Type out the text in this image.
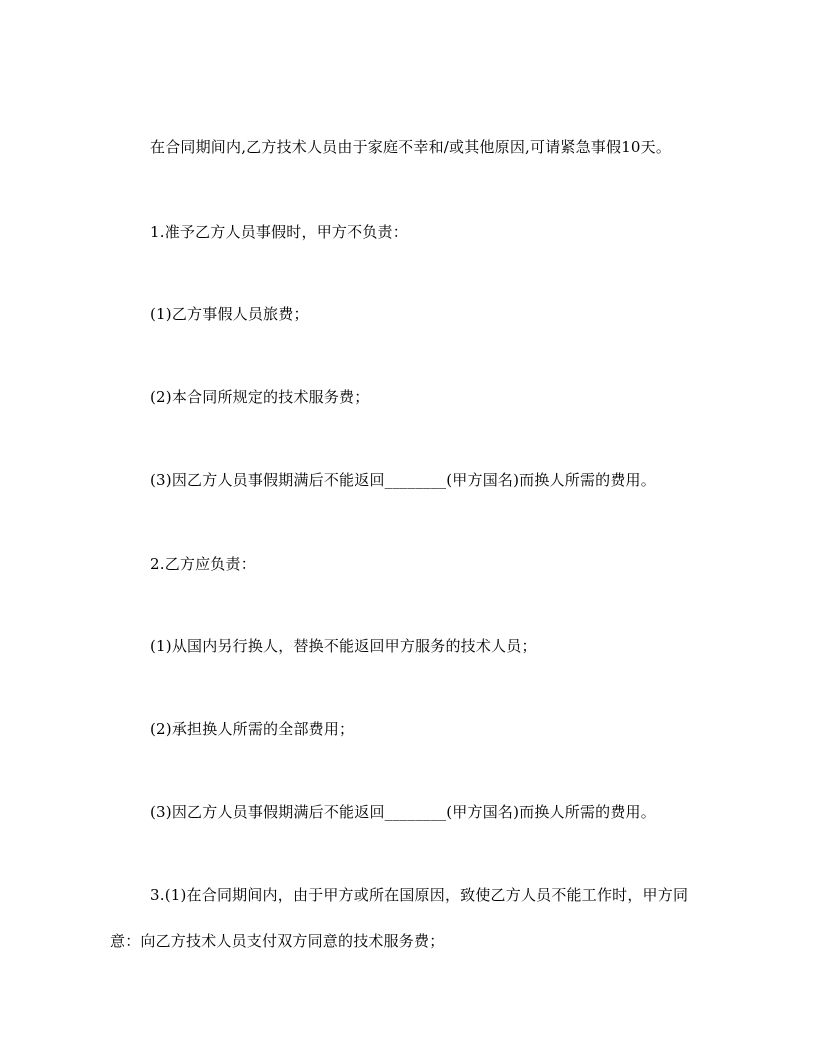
在合同期间内,乙方技术人员由于家庭不幸和/或其他原因,可请紧急事假10天。
1.准予乙方人员事假时，甲方不负责：
(1)乙方事假人员旅费；
(2)本合同所规定的技术服务费；
(3)因乙方人员事假期满后不能返回________(甲方国名)而换人所需的费用。
2.乙方应负责：
(1)从国内另行换人，替换不能返回甲方服务的技术人员；
(2)承担换人所需的全部费用；
(3)因乙方人员事假期满后不能返回________(甲方国名)而换人所需的费用。
3.(1)在合同期间内，由于甲方或所在国原因，致使乙方人员不能工作时，甲方同意：向乙方技术人员支付双方同意的技术服务费；
